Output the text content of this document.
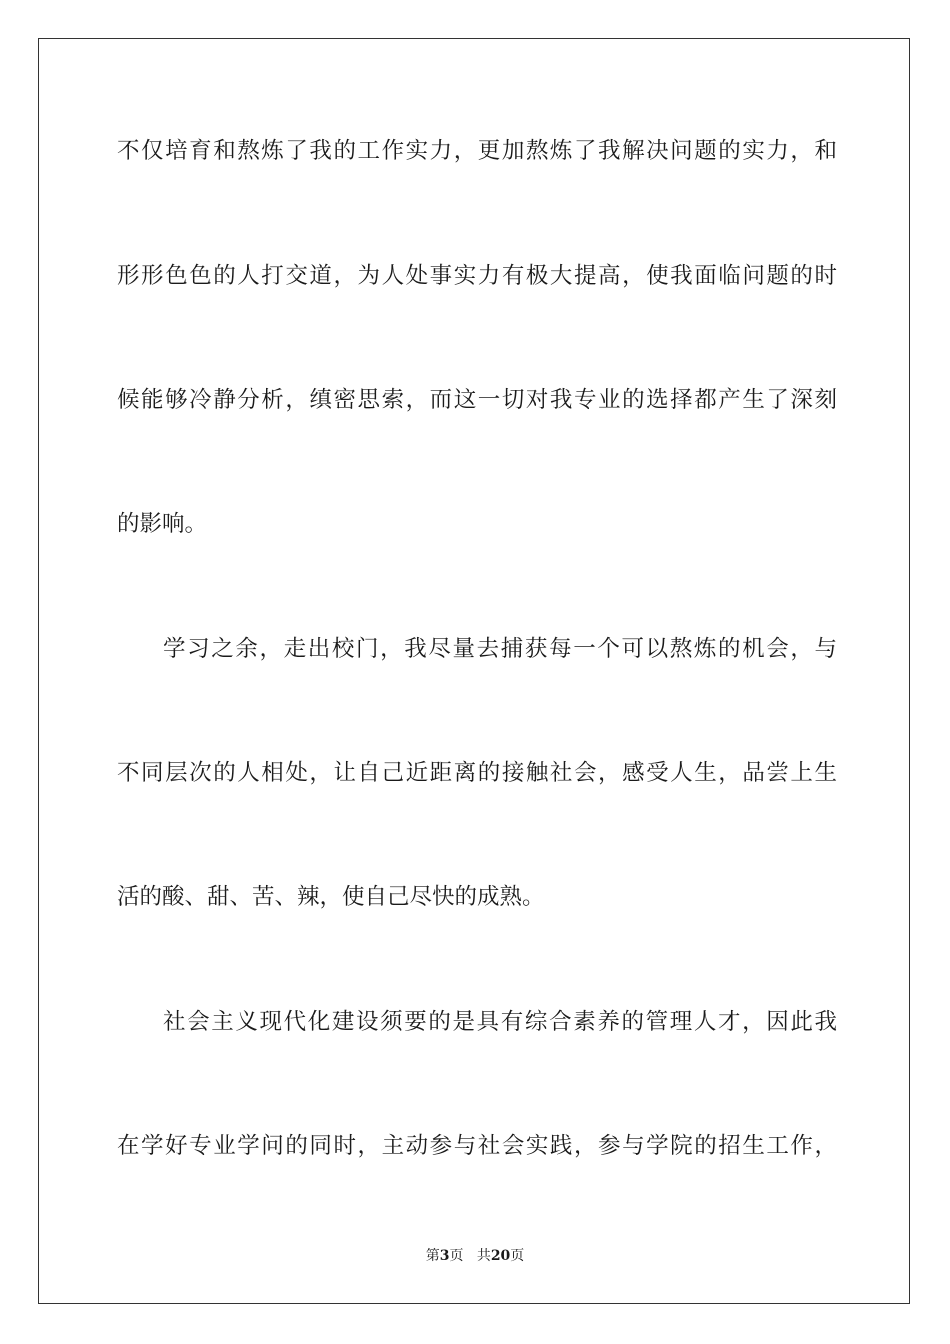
不仅培育和熬炼了我的工作实力，更加熬炼了我解决问题的实力，和
形形色色的人打交道，为人处事实力有极大提高，使我面临问题的时
候能够冷静分析，缜密思索，而这一切对我专业的选择都产生了深刻
的影响。
学习之余，走出校门，我尽量去捕获每一个可以熬炼的机会，与
不同层次的人相处，让自己近距离的接触社会，感受人生，品尝上生
活的酸、甜、苦、辣，使自己尽快的成熟。
社会主义现代化建设须要的是具有综合素养的管理人才，因此我
在学好专业学问的同时，主动参与社会实践，参与学院的招生工作，
第3页 共20页
